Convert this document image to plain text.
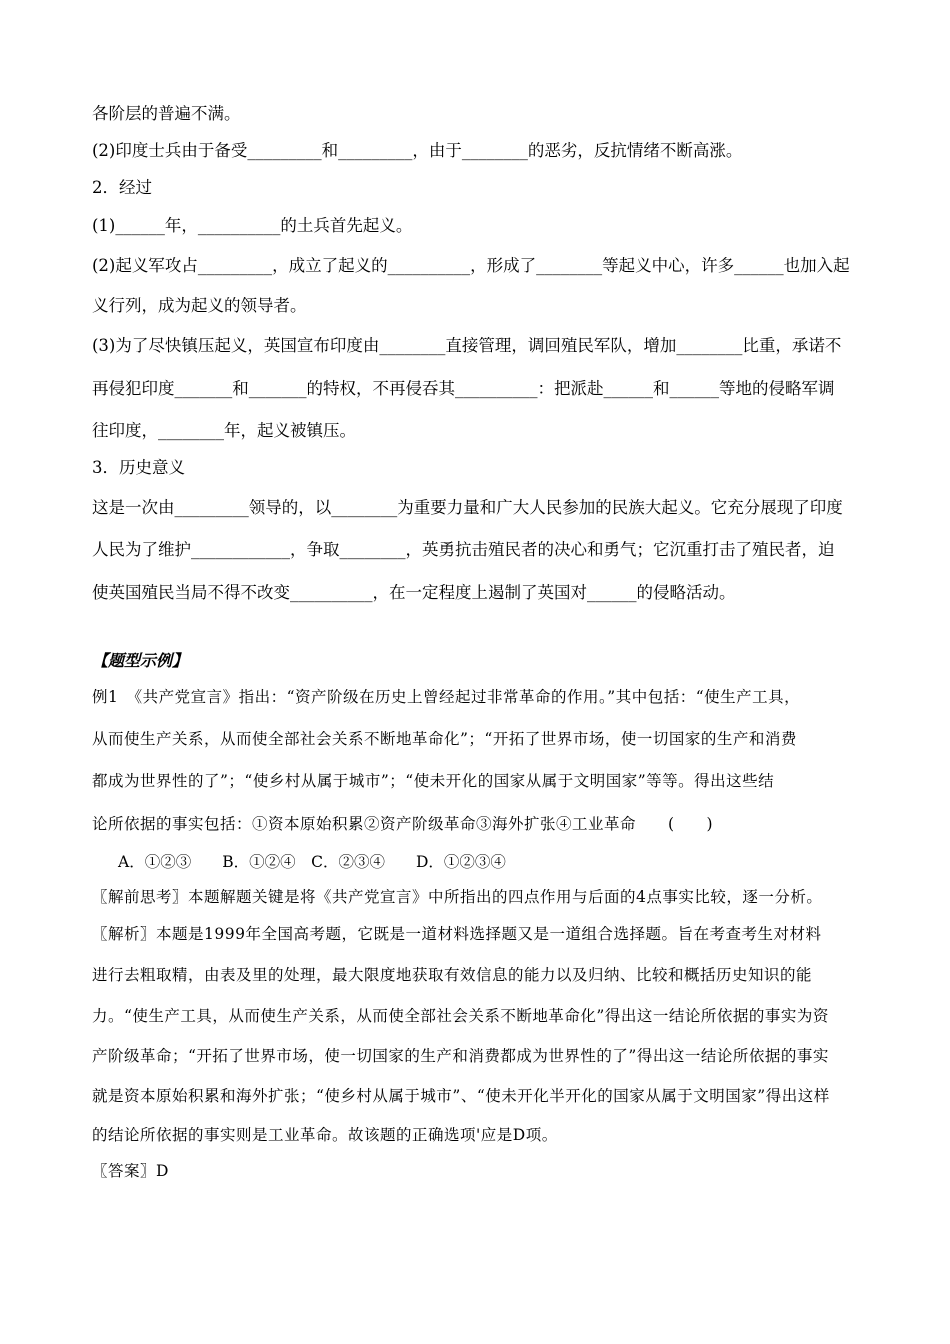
各阶层的普遍不满。
(2)印度士兵由于备受_________和_________，由于________的恶劣，反抗情绪不断高涨。
2．经过
(1)______年，__________的土兵首先起义。
(2)起义军攻占_________，成立了起义的__________，形成了________等起义中心，许多______也加入起
义行列，成为起义的领导者。
(3)为了尽快镇压起义，英国宣布印度由________直接管理，调回殖民军队，增加________比重，承诺不
再侵犯印度_______和_______的特权，不再侵吞其__________：把派赴______和______等地的侵略军调
往印度，________年，起义被镇压。
3．历史意义
这是一次由_________领导的，以________为重要力量和广大人民参加的民族大起义。它充分展现了印度
人民为了维护____________，争取________，英勇抗击殖民者的决心和勇气；它沉重打击了殖民者，迫
使英国殖民当局不得不改变__________，在一定程度上遏制了英国对______的侵略活动。
【题型示例】
例1　《共产党宣言》指出：“资产阶级在历史上曾经起过非常革命的作用。”其中包括：“使生产工具，
从而使生产关系，从而使全部社会关系不断地革命化”；“开拓了世界市场，使一切国家的生产和消费
都成为世界性的了”；“使乡村从属于城市”；“使未开化的国家从属于文明国家”等等。得出这些结
论所依据的事实包括：①资本原始积累②资产阶级革命③海外扩张④工业革命　　(　　)
A．①②③　　B．①②④　C．②③④　　D．①②③④
〖解前思考〗本题解题关键是将《共产党宣言》中所指出的四点作用与后面的4点事实比较，逐一分析。
〖解析〗本题是1999年全国高考题，它既是一道材料选择题又是一道组合选择题。旨在考查考生对材料
进行去粗取精，由表及里的处理，最大限度地获取有效信息的能力以及归纳、比较和概括历史知识的能
力。“使生产工具，从而使生产关系，从而使全部社会关系不断地革命化”得出这一结论所依据的事实为资
产阶级革命；“开拓了世界市场，使一切国家的生产和消费都成为世界性的了”得出这一结论所依据的事实
就是资本原始积累和海外扩张；“使乡村从属于城市”、“使未开化半开化的国家从属于文明国家”得出这样
的结论所依据的事实则是工业革命。故该题的正确选项'应是D项。
〖答案〗D
